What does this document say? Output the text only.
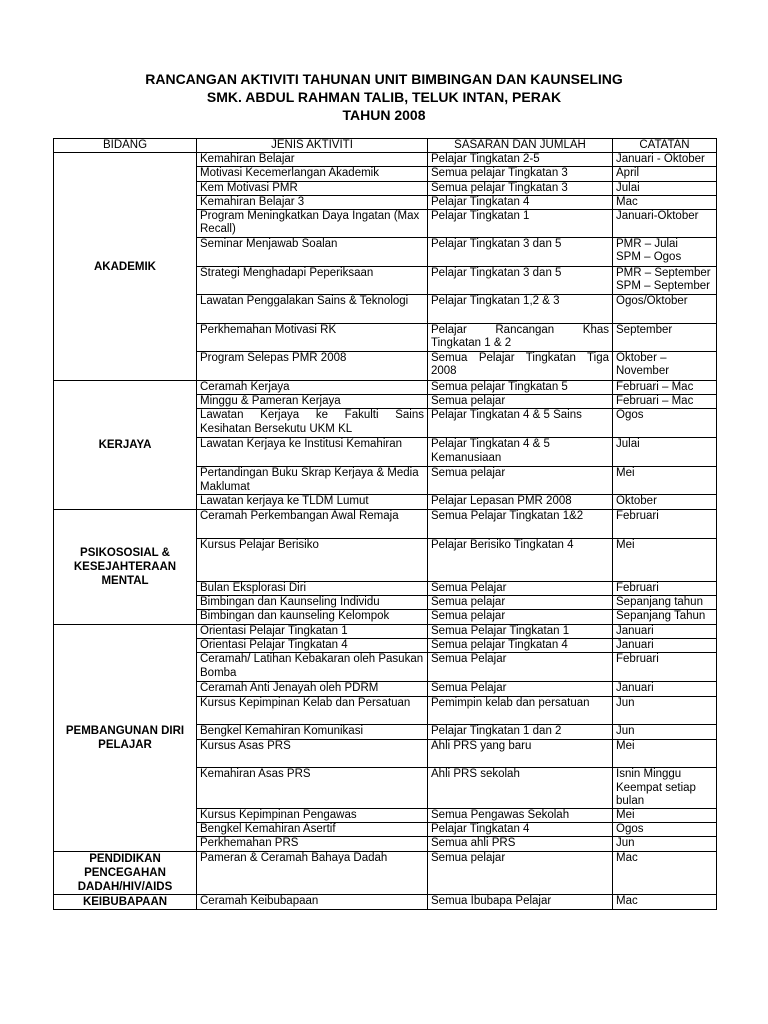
RANCANGAN AKTIVITI TAHUNAN UNIT BIMBINGAN DAN KAUNSELING
SMK. ABDUL RAHMAN TALIB, TELUK INTAN, PERAK
TAHUN 2008
BIDANG	JENIS AKTIVITI	SASARAN DAN JUMLAH	CATATAN
AKADEMIK	Kemahiran Belajar	Pelajar Tingkatan 2-5	Januari - Oktober
	Motivasi Kecemerlangan Akademik	Semua pelajar Tingkatan 3	April
	Kem Motivasi PMR	Semua pelajar Tingkatan 3	Julai
	Kemahiran Belajar 3	Pelajar Tingkatan 4	Mac
	Program Meningkatkan Daya Ingatan (Max Recall)	Pelajar Tingkatan 1	Januari-Oktober
	Seminar Menjawab Soalan	Pelajar Tingkatan 3 dan 5	PMR – Julai
SPM – Ogos
	Strategi Menghadapi Peperiksaan	Pelajar Tingkatan 3 dan 5	PMR – September
SPM – September
	Lawatan Penggalakan Sains & Teknologi	Pelajar Tingkatan 1,2 & 3	Ogos/Oktober
	Perkhemahan Motivasi RK	Pelajar Rancangan Khas Tingkatan 1 & 2	September
	Program Selepas PMR 2008	Semua Pelajar Tingkatan Tiga 2008	Oktober – November
KERJAYA	Ceramah Kerjaya	Semua pelajar Tingkatan 5	Februari – Mac
	Minggu & Pameran Kerjaya	Semua pelajar	Februari – Mac
	Lawatan Kerjaya ke Fakulti Sains Kesihatan Bersekutu UKM KL	Pelajar Tingkatan 4 & 5 Sains	Ogos
	Lawatan Kerjaya ke Institusi Kemahiran	Pelajar Tingkatan 4 & 5 Kemanusiaan	Julai
	Pertandingan Buku Skrap Kerjaya & Media Maklumat	Semua pelajar	Mei
	Lawatan kerjaya ke TLDM Lumut	Pelajar Lepasan PMR 2008	Oktober
PSIKOSOSIAL & KESEJAHTERAAN MENTAL	Ceramah Perkembangan Awal Remaja	Semua Pelajar Tingkatan 1&2	Februari
	Kursus Pelajar Berisiko	Pelajar Berisiko Tingkatan 4	Mei
	Bulan Eksplorasi Diri	Semua Pelajar	Februari
	Bimbingan dan Kaunseling Individu	Semua pelajar	Sepanjang tahun
	Bimbingan dan kaunseling Kelompok	Semua pelajar	Sepanjang Tahun
PEMBANGUNAN DIRI PELAJAR	Orientasi Pelajar Tingkatan 1	Semua Pelajar Tingkatan 1	Januari
	Orientasi Pelajar Tingkatan 4	Semua pelajar Tingkatan 4	Januari
	Ceramah/ Latihan Kebakaran oleh Pasukan Bomba	Semua Pelajar	Februari
	Ceramah Anti Jenayah oleh PDRM	Semua Pelajar	Januari
	Kursus Kepimpinan Kelab dan Persatuan	Pemimpin kelab dan persatuan	Jun
	Bengkel Kemahiran Komunikasi	Pelajar Tingkatan 1 dan 2	Jun
	Kursus Asas PRS	Ahli PRS yang baru	Mei
	Kemahiran Asas PRS	Ahli PRS sekolah	Isnin Minggu
Keempat setiap bulan
	Kursus Kepimpinan Pengawas	Semua Pengawas Sekolah	Mei
	Bengkel Kemahiran Asertif	Pelajar Tingkatan 4	Ogos
	Perkhemahan PRS	Semua ahli PRS	Jun
PENDIDIKAN PENCEGAHAN DADAH/HIV/AIDS	Pameran & Ceramah Bahaya Dadah	Semua pelajar	Mac
KEIBUBAPAAN	Ceramah Keibubapaan	Semua Ibubapa Pelajar	Mac
